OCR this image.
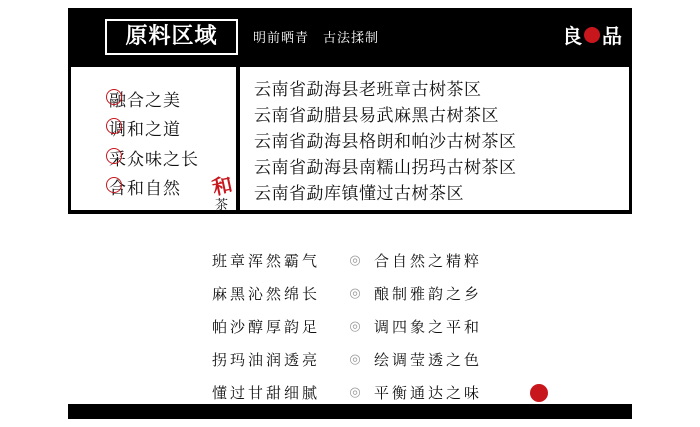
原料区域	明前晒青　古法揉制	良 品
融合之美
调和之道
采众味之长
合和自然 和
茶
云南省勐海县老班章古树茶区
云南省勐腊县易武麻黑古树茶区
云南省勐海县格朗和帕沙古树茶区
云南省勐海县南糯山拐玛古树茶区
云南省勐库镇懂过古树茶区
班章浑然霸气	◎ 合自然之精粹
麻黑沁然绵长	◎ 酿制雅韵之乡
帕沙醇厚韵足	◎ 调四象之平和
拐玛油润透亮	◎ 绘调莹透之色
懂过甘甜细腻	◎ 平衡通达之味
